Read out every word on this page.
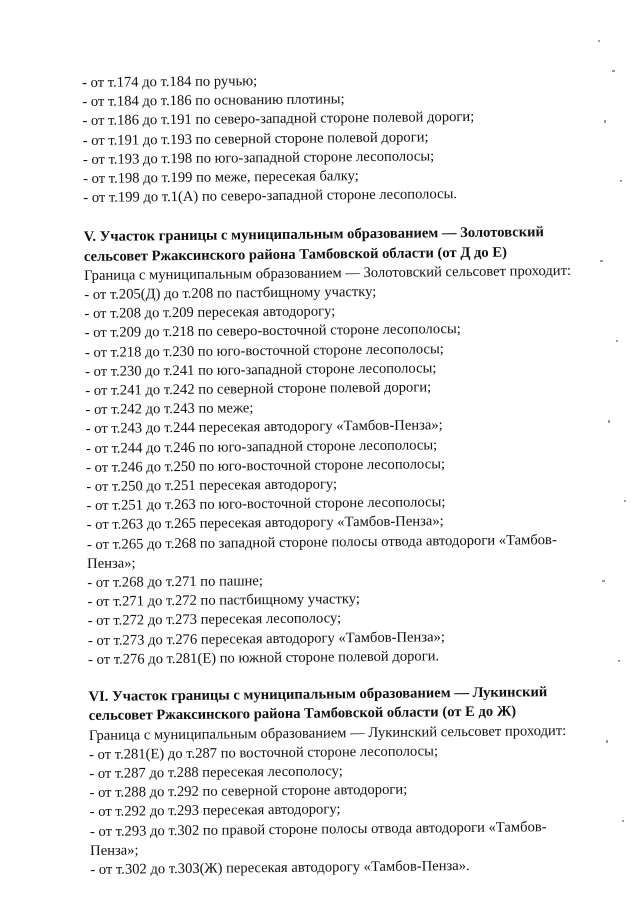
- от т.174 до т.184 по ручью;
- от т.184 до т.186 по основанию плотины;
- от т.186 до т.191 по северо-западной стороне полевой дороги;
- от т.191 до т.193 по северной стороне полевой дороги;
- от т.193 до т.198 по юго-западной стороне лесополосы;
- от т.198 до т.199 по меже, пересекая балку;
- от т.199 до т.1(А) по северо-западной стороне лесополосы.
V. Участок границы с муниципальным образованием — Золотовский
сельсовет Ржаксинского района Тамбовской области (от Д до Е)
Граница с муниципальным образованием — Золотовский сельсовет проходит:
- от т.205(Д) до т.208 по пастбищному участку;
- от т.208 до т.209 пересекая автодорогу;
- от т.209 до т.218 по северо-восточной стороне лесополосы;
- от т.218 до т.230 по юго-восточной стороне лесополосы;
- от т.230 до т.241 по юго-западной стороне лесополосы;
- от т.241 до т.242 по северной стороне полевой дороги;
- от т.242 до т.243 по меже;
- от т.243 до т.244 пересекая автодорогу «Тамбов-Пенза»;
- от т.244 до т.246 по юго-западной стороне лесополосы;
- от т.246 до т.250 по юго-восточной стороне лесополосы;
- от т.250 до т.251 пересекая автодорогу;
- от т.251 до т.263 по юго-восточной стороне лесополосы;
- от т.263 до т.265 пересекая автодорогу «Тамбов-Пенза»;
- от т.265 до т.268 по западной стороне полосы отвода автодороги «Тамбов-
Пенза»;
- от т.268 до т.271 по пашне;
- от т.271 до т.272 по пастбищному участку;
- от т.272 до т.273 пересекая лесополосу;
- от т.273 до т.276 пересекая автодорогу «Тамбов-Пенза»;
- от т.276 до т.281(Е) по южной стороне полевой дороги.
VI. Участок границы с муниципальным образованием — Лукинский
сельсовет Ржаксинского района Тамбовской области (от Е до Ж)
Граница с муниципальным образованием — Лукинский сельсовет проходит:
- от т.281(Е) до т.287 по восточной стороне лесополосы;
- от т.287 до т.288 пересекая лесополосу;
- от т.288 до т.292 по северной стороне автодороги;
- от т.292 до т.293 пересекая автодорогу;
- от т.293 до т.302 по правой стороне полосы отвода автодороги «Тамбов-
Пенза»;
- от т.302 до т.303(Ж) пересекая автодорогу «Тамбов-Пенза».
